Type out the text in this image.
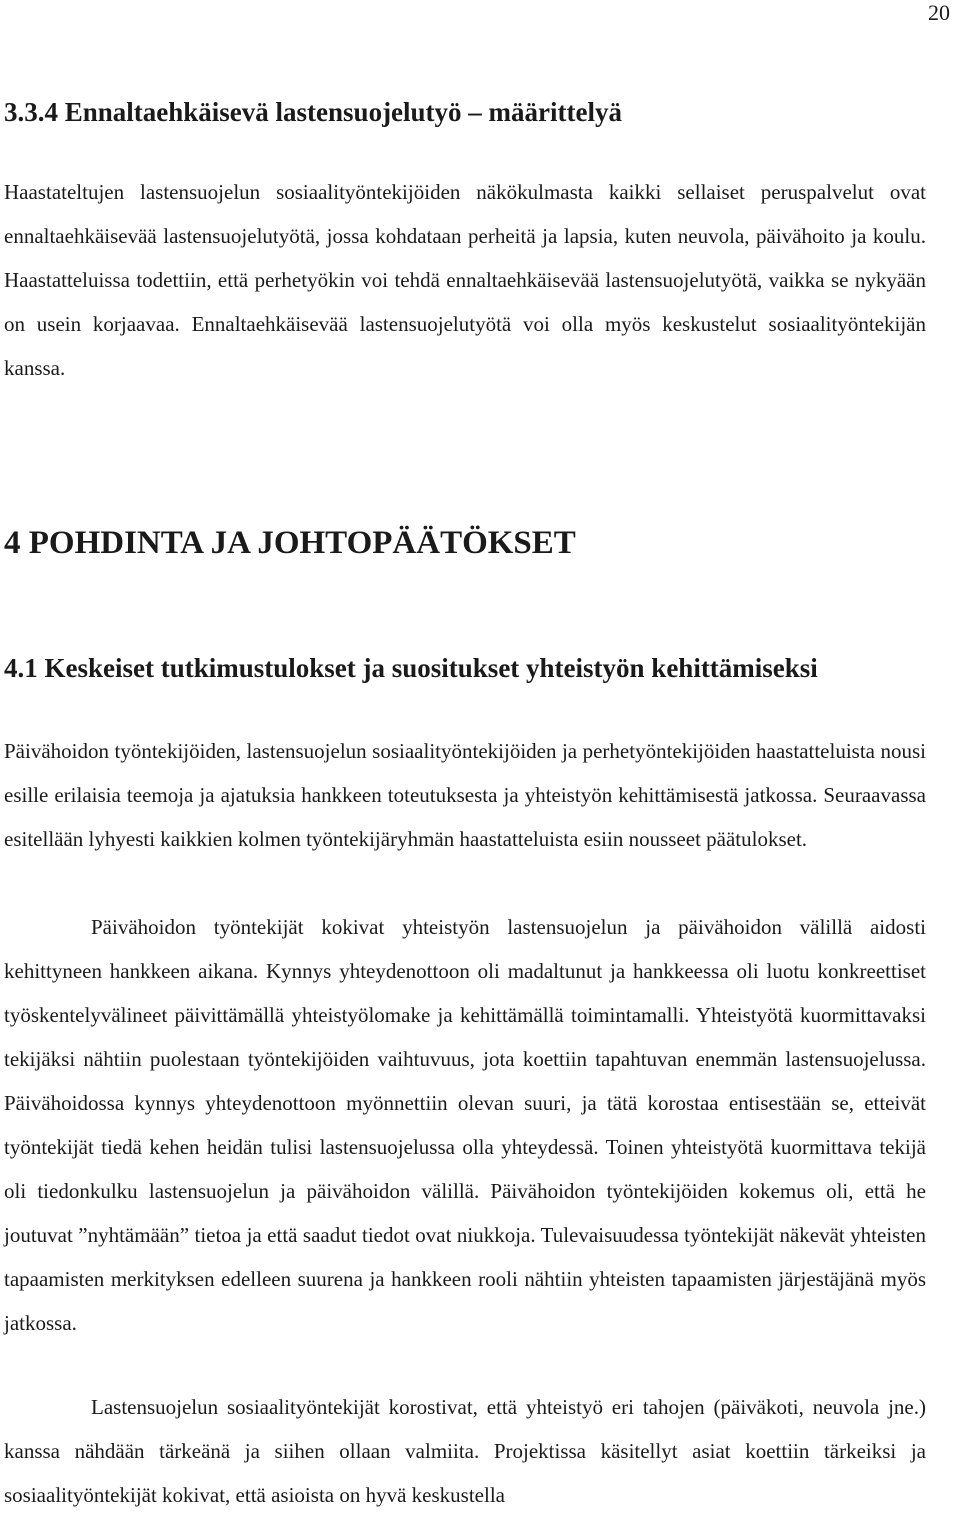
20
3.3.4 Ennaltaehkäisevä lastensuojelutyö – määrittelyä
Haastateltujen lastensuojelun sosiaalityöntekijöiden näkökulmasta kaikki sellaiset peruspalvelut ovat ennaltaehkäisevää lastensuojelutyötä, jossa kohdataan perheitä ja lapsia, kuten neuvola, päivähoito ja koulu. Haastatteluissa todettiin, että perhetyökin voi tehdä ennaltaehkäisevää lastensuojelutyötä, vaikka se nykyään on usein korjaavaa. Ennaltaehkäisevää lastensuojelutyötä voi olla myös keskustelut sosiaalityöntekijän kanssa.
4 POHDINTA JA JOHTOPÄÄTÖKSET
4.1 Keskeiset tutkimustulokset ja suositukset yhteistyön kehittämiseksi
Päivähoidon työntekijöiden, lastensuojelun sosiaalityöntekijöiden ja perhetyöntekijöiden haastatteluista nousi esille erilaisia teemoja ja ajatuksia hankkeen toteutuksesta ja yhteistyön kehittämisestä jatkossa. Seuraavassa esitellään lyhyesti kaikkien kolmen työntekijäryhmän haastatteluista esiin nousseet päätulokset.
Päivähoidon työntekijät kokivat yhteistyön lastensuojelun ja päivähoidon välillä aidosti kehittyneen hankkeen aikana. Kynnys yhteydenottoon oli madaltunut ja hankkeessa oli luotu konkreettiset työskentelyvälineet päivittämällä yhteistyölomake ja kehittämällä toimintamalli. Yhteistyötä kuormittavaksi tekijäksi nähtiin puolestaan työntekijöiden vaihtuvuus, jota koettiin tapahtuvan enemmän lastensuojelussa. Päivähoidossa kynnys yhteydenottoon myönnettiin olevan suuri, ja tätä korostaa entisestään se, etteivät työntekijät tiedä kehen heidän tulisi lastensuojelussa olla yhteydessä. Toinen yhteistyötä kuormittava tekijä oli tiedonkulku lastensuojelun ja päivähoidon välillä. Päivähoidon työntekijöiden kokemus oli, että he joutuvat ”nyhtämään” tietoa ja että saadut tiedot ovat niukkoja. Tulevaisuudessa työntekijät näkevät yhteisten tapaamisten merkityksen edelleen suurena ja hankkeen rooli nähtiin yhteisten tapaamisten järjestäjänä myös jatkossa.
Lastensuojelun sosiaalityöntekijät korostivat, että yhteistyö eri tahojen (päiväkoti, neuvola jne.) kanssa nähdään tärkeänä ja siihen ollaan valmiita. Projektissa käsitellyt asiat koettiin tärkeiksi ja sosiaalityöntekijät kokivat, että asioista on hyvä keskustella
